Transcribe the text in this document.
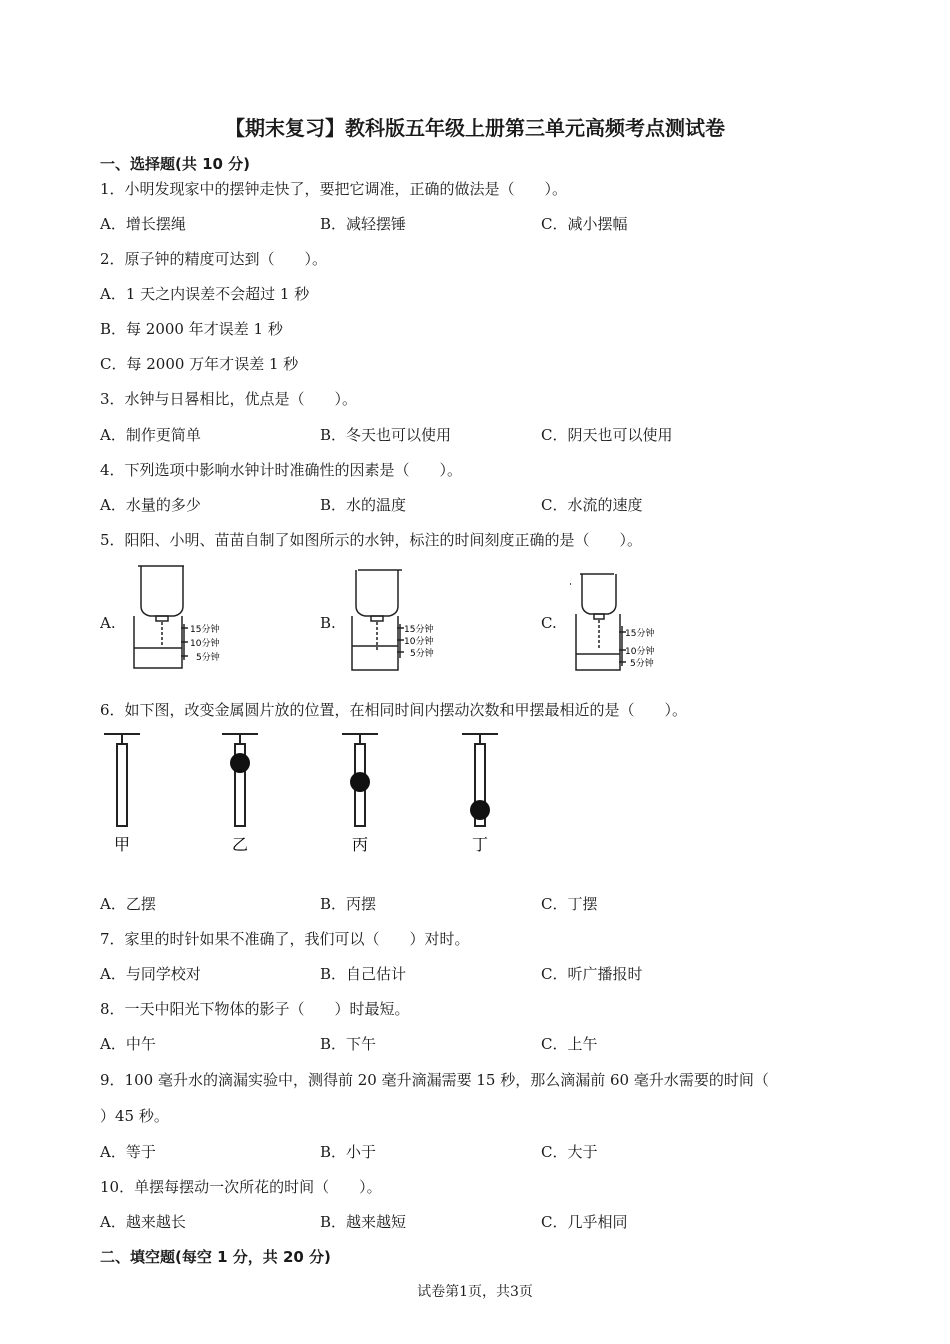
【期末复习】教科版五年级上册第三单元高频考点测试卷
一、选择题(共 10 分)
1．小明发现家中的摆钟走快了，要把它调准，正确的做法是（　　）。
A．增长摆绳	B．减轻摆锤	C．减小摆幅
2．原子钟的精度可达到（　　）。
A．1 天之内误差不会超过 1 秒
B．每 2000 年才误差 1 秒
C．每 2000 万年才误差 1 秒
3．水钟与日晷相比，优点是（　　）。
A．制作更简单	B．冬天也可以使用	C．阴天也可以使用
4．下列选项中影响水钟计时准确性的因素是（　　）。
A．水量的多少	B．水的温度	C．水流的速度
5．阳阳、小明、苗苗自制了如图所示的水钟，标注的时间刻度正确的是（　　）。
A.	B.	C.
15分钟
10分钟
5分钟
15分钟
10分钟
5分钟
15分钟
10分钟
5分钟
6．如下图，改变金属圆片放的位置，在相同时间内摆动次数和甲摆最相近的是（　　）。
甲	乙	丙	丁
A．乙摆	B．丙摆	C．丁摆
7．家里的时针如果不准确了，我们可以（　　）对时。
A．与同学校对	B．自己估计	C．听广播报时
8．一天中阳光下物体的影子（　　）时最短。
A．中午	B．下午	C．上午
9．100 毫升水的滴漏实验中，测得前 20 毫升滴漏需要 15 秒，那么滴漏前 60 毫升水需要的时间（
）45 秒。
A．等于	B．小于	C．大于
10．单摆每摆动一次所花的时间（　　）。
A．越来越长	B．越来越短	C．几乎相同
二、填空题(每空 1 分，共 20 分)
试卷第1页，共3页
